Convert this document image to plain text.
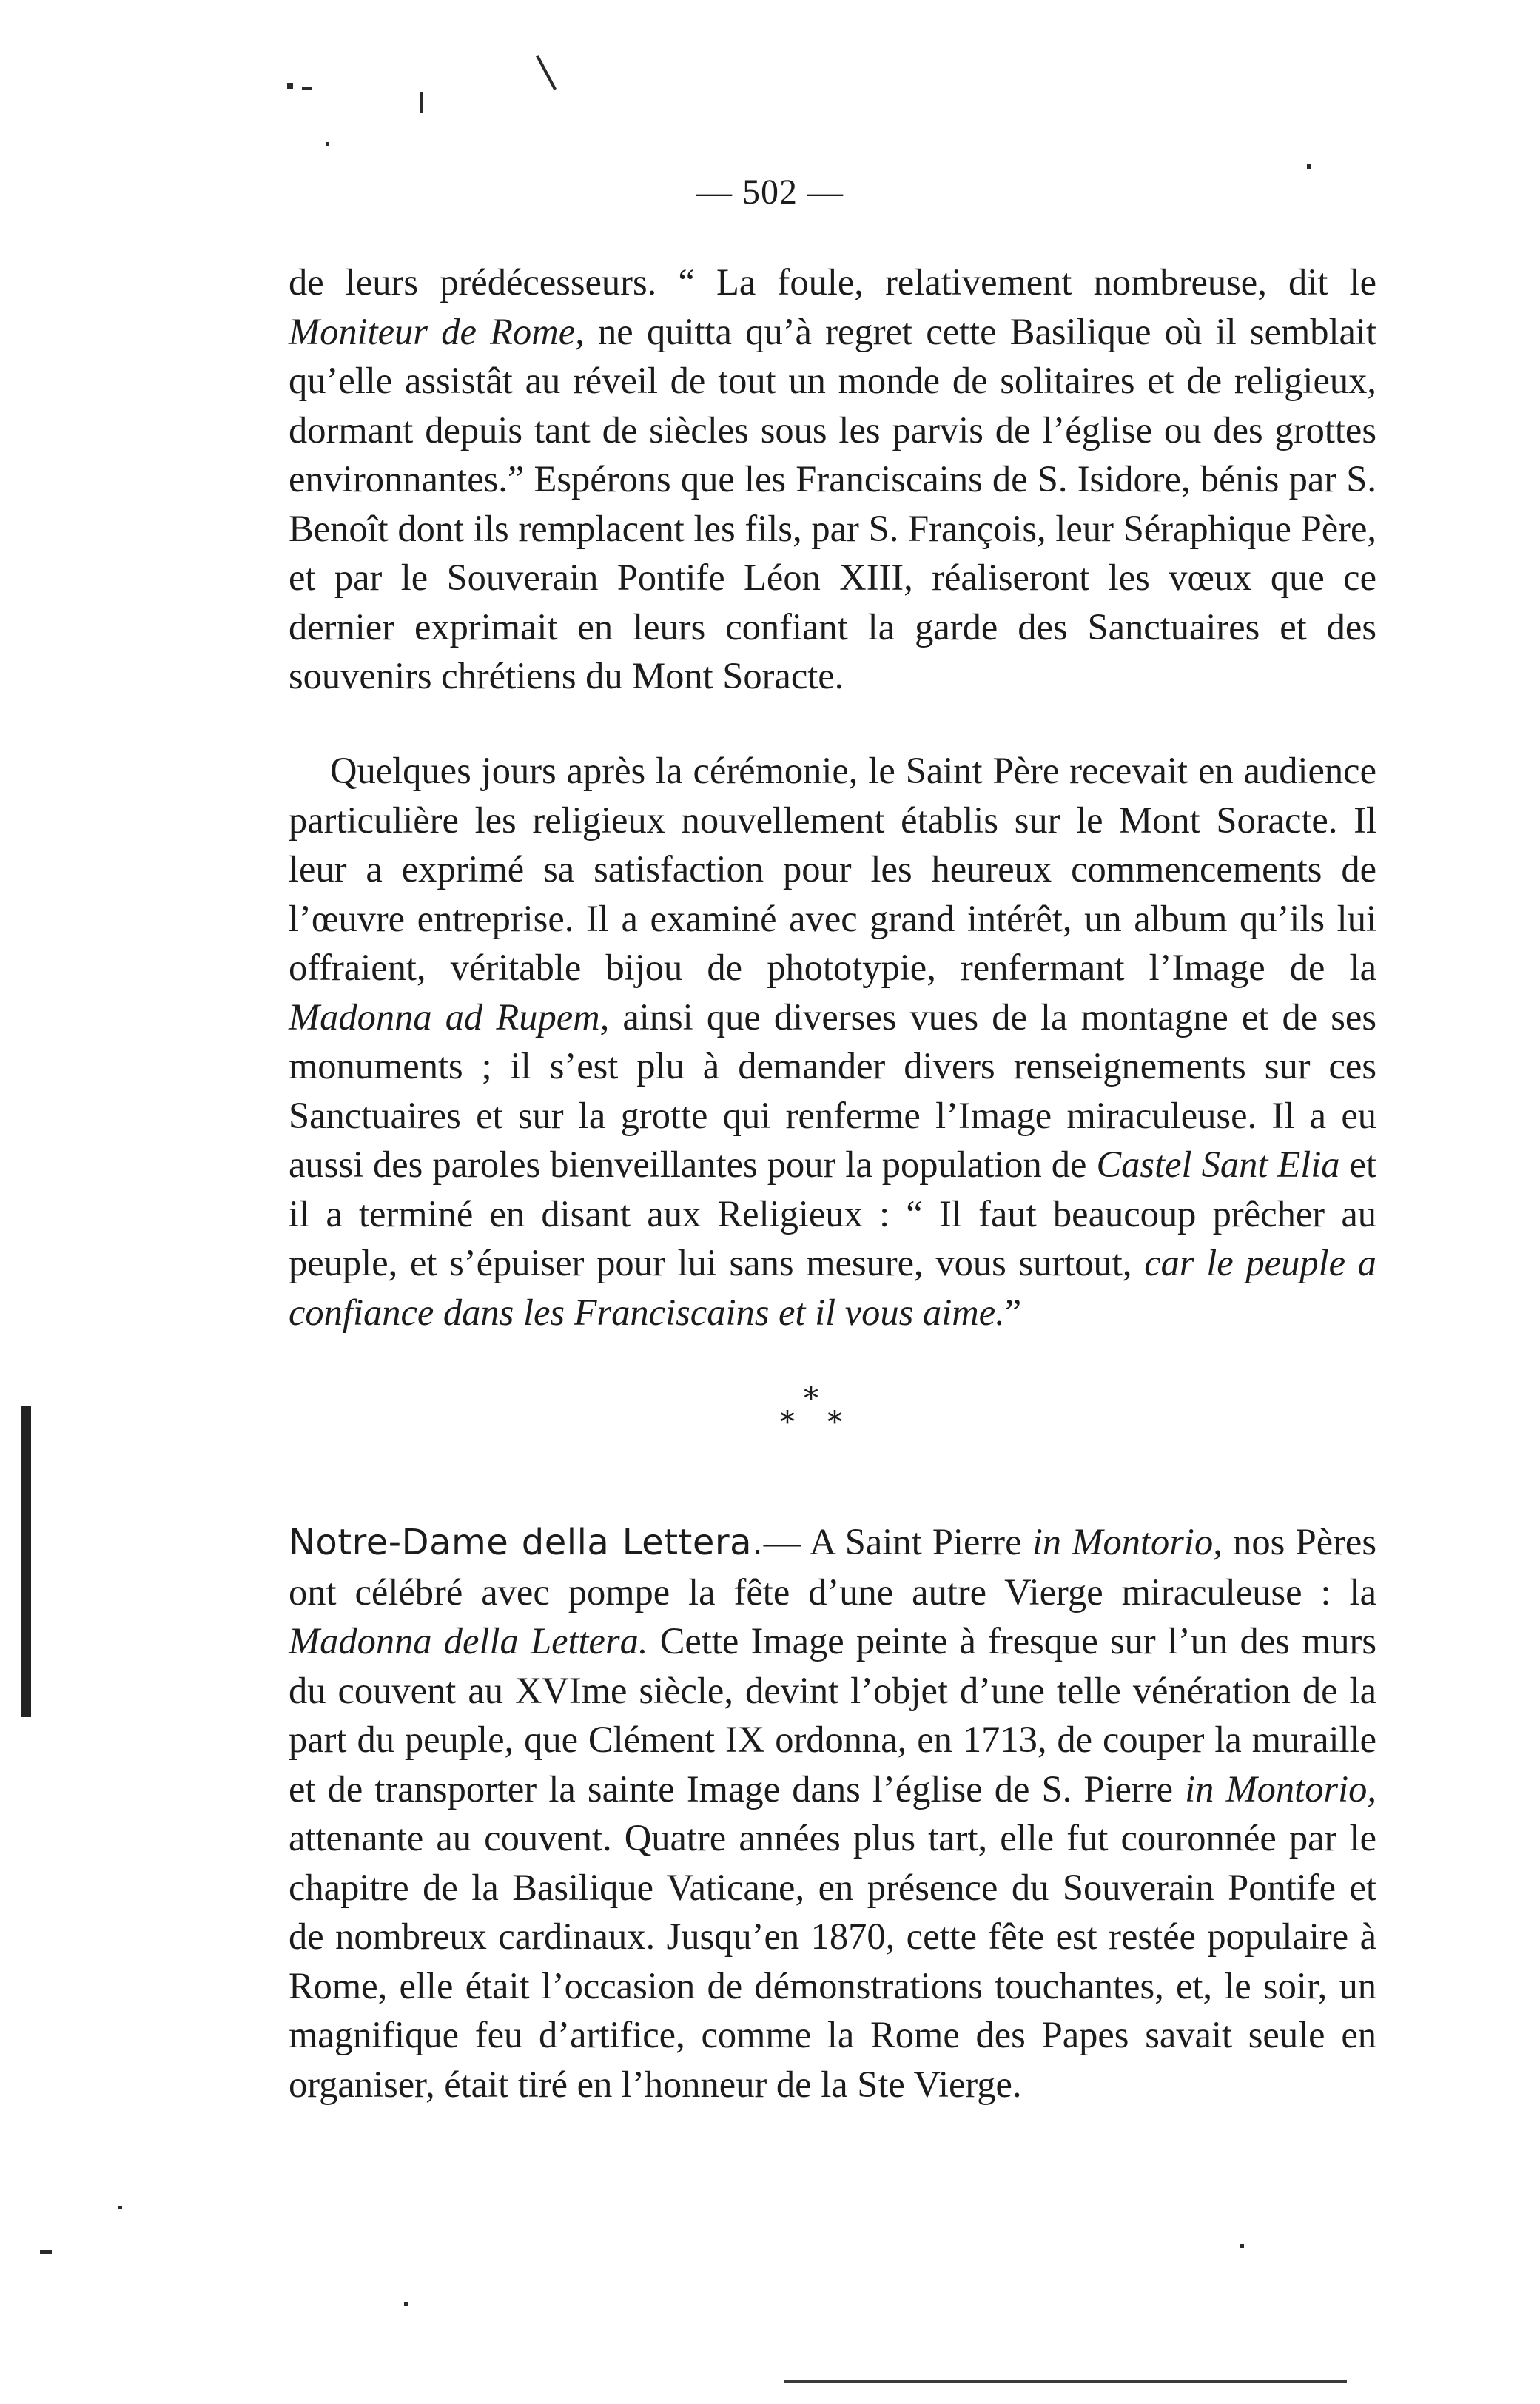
— 502 —

de leurs prédécesseurs. “ La foule, relativement nombreuse, dit le Moniteur de Rome, ne quitta qu’à regret cette Basilique où il semblait qu’elle assistât au réveil de tout un monde de solitaires et de religieux, dormant depuis tant de siècles sous les parvis de l’église ou des grottes environnantes.” Espérons que les Franciscains de S. Isidore, bénis par S. Benoît dont ils remplacent les fils, par S. François, leur Séraphique Père, et par le Souverain Pontife Léon XIII, réaliseront les vœux que ce dernier exprimait en leurs confiant la garde des Sanctuaires et des souvenirs chrétiens du Mont Soracte.

Quelques jours après la cérémonie, le Saint Père recevait en audience particulière les religieux nouvellement établis sur le Mont Soracte. Il leur a exprimé sa satisfaction pour les heureux commencements de l’œuvre entreprise. Il a examiné avec grand intérêt, un album qu’ils lui offraient, véritable bijou de phototypie, renfermant l’Image de la Madonna ad Rupem, ainsi que diverses vues de la montagne et de ses monuments ; il s’est plu à demander divers renseignements sur ces Sanctuaires et sur la grotte qui renferme l’Image miraculeuse. Il a eu aussi des paroles bienveillantes pour la population de Castel Sant Elia et il a terminé en disant aux Religieux : “ Il faut beaucoup prêcher au peuple, et s’épuiser pour lui sans mesure, vous surtout, car le peuple a confiance dans les Franciscains et il vous aime.”

*
* *

Notre-Dame della Lettera.— A Saint Pierre in Montorio, nos Pères ont célébré avec pompe la fête d’une autre Vierge miraculeuse : la Madonna della Lettera. Cette Image peinte à fresque sur l’un des murs du couvent au XVIme siècle, devint l’objet d’une telle vénération de la part du peuple, que Clément IX ordonna, en 1713, de couper la muraille et de transporter la sainte Image dans l’église de S. Pierre in Montorio, attenante au couvent. Quatre années plus tart, elle fut couronnée par le chapitre de la Basilique Vaticane, en présence du Souverain Pontife et de nombreux cardinaux. Jusqu’en 1870, cette fête est restée populaire à Rome, elle était l’occasion de démonstrations touchantes, et, le soir, un magnifique feu d’artifice, comme la Rome des Papes savait seule en organiser, était tiré en l’honneur de la Ste Vierge.
